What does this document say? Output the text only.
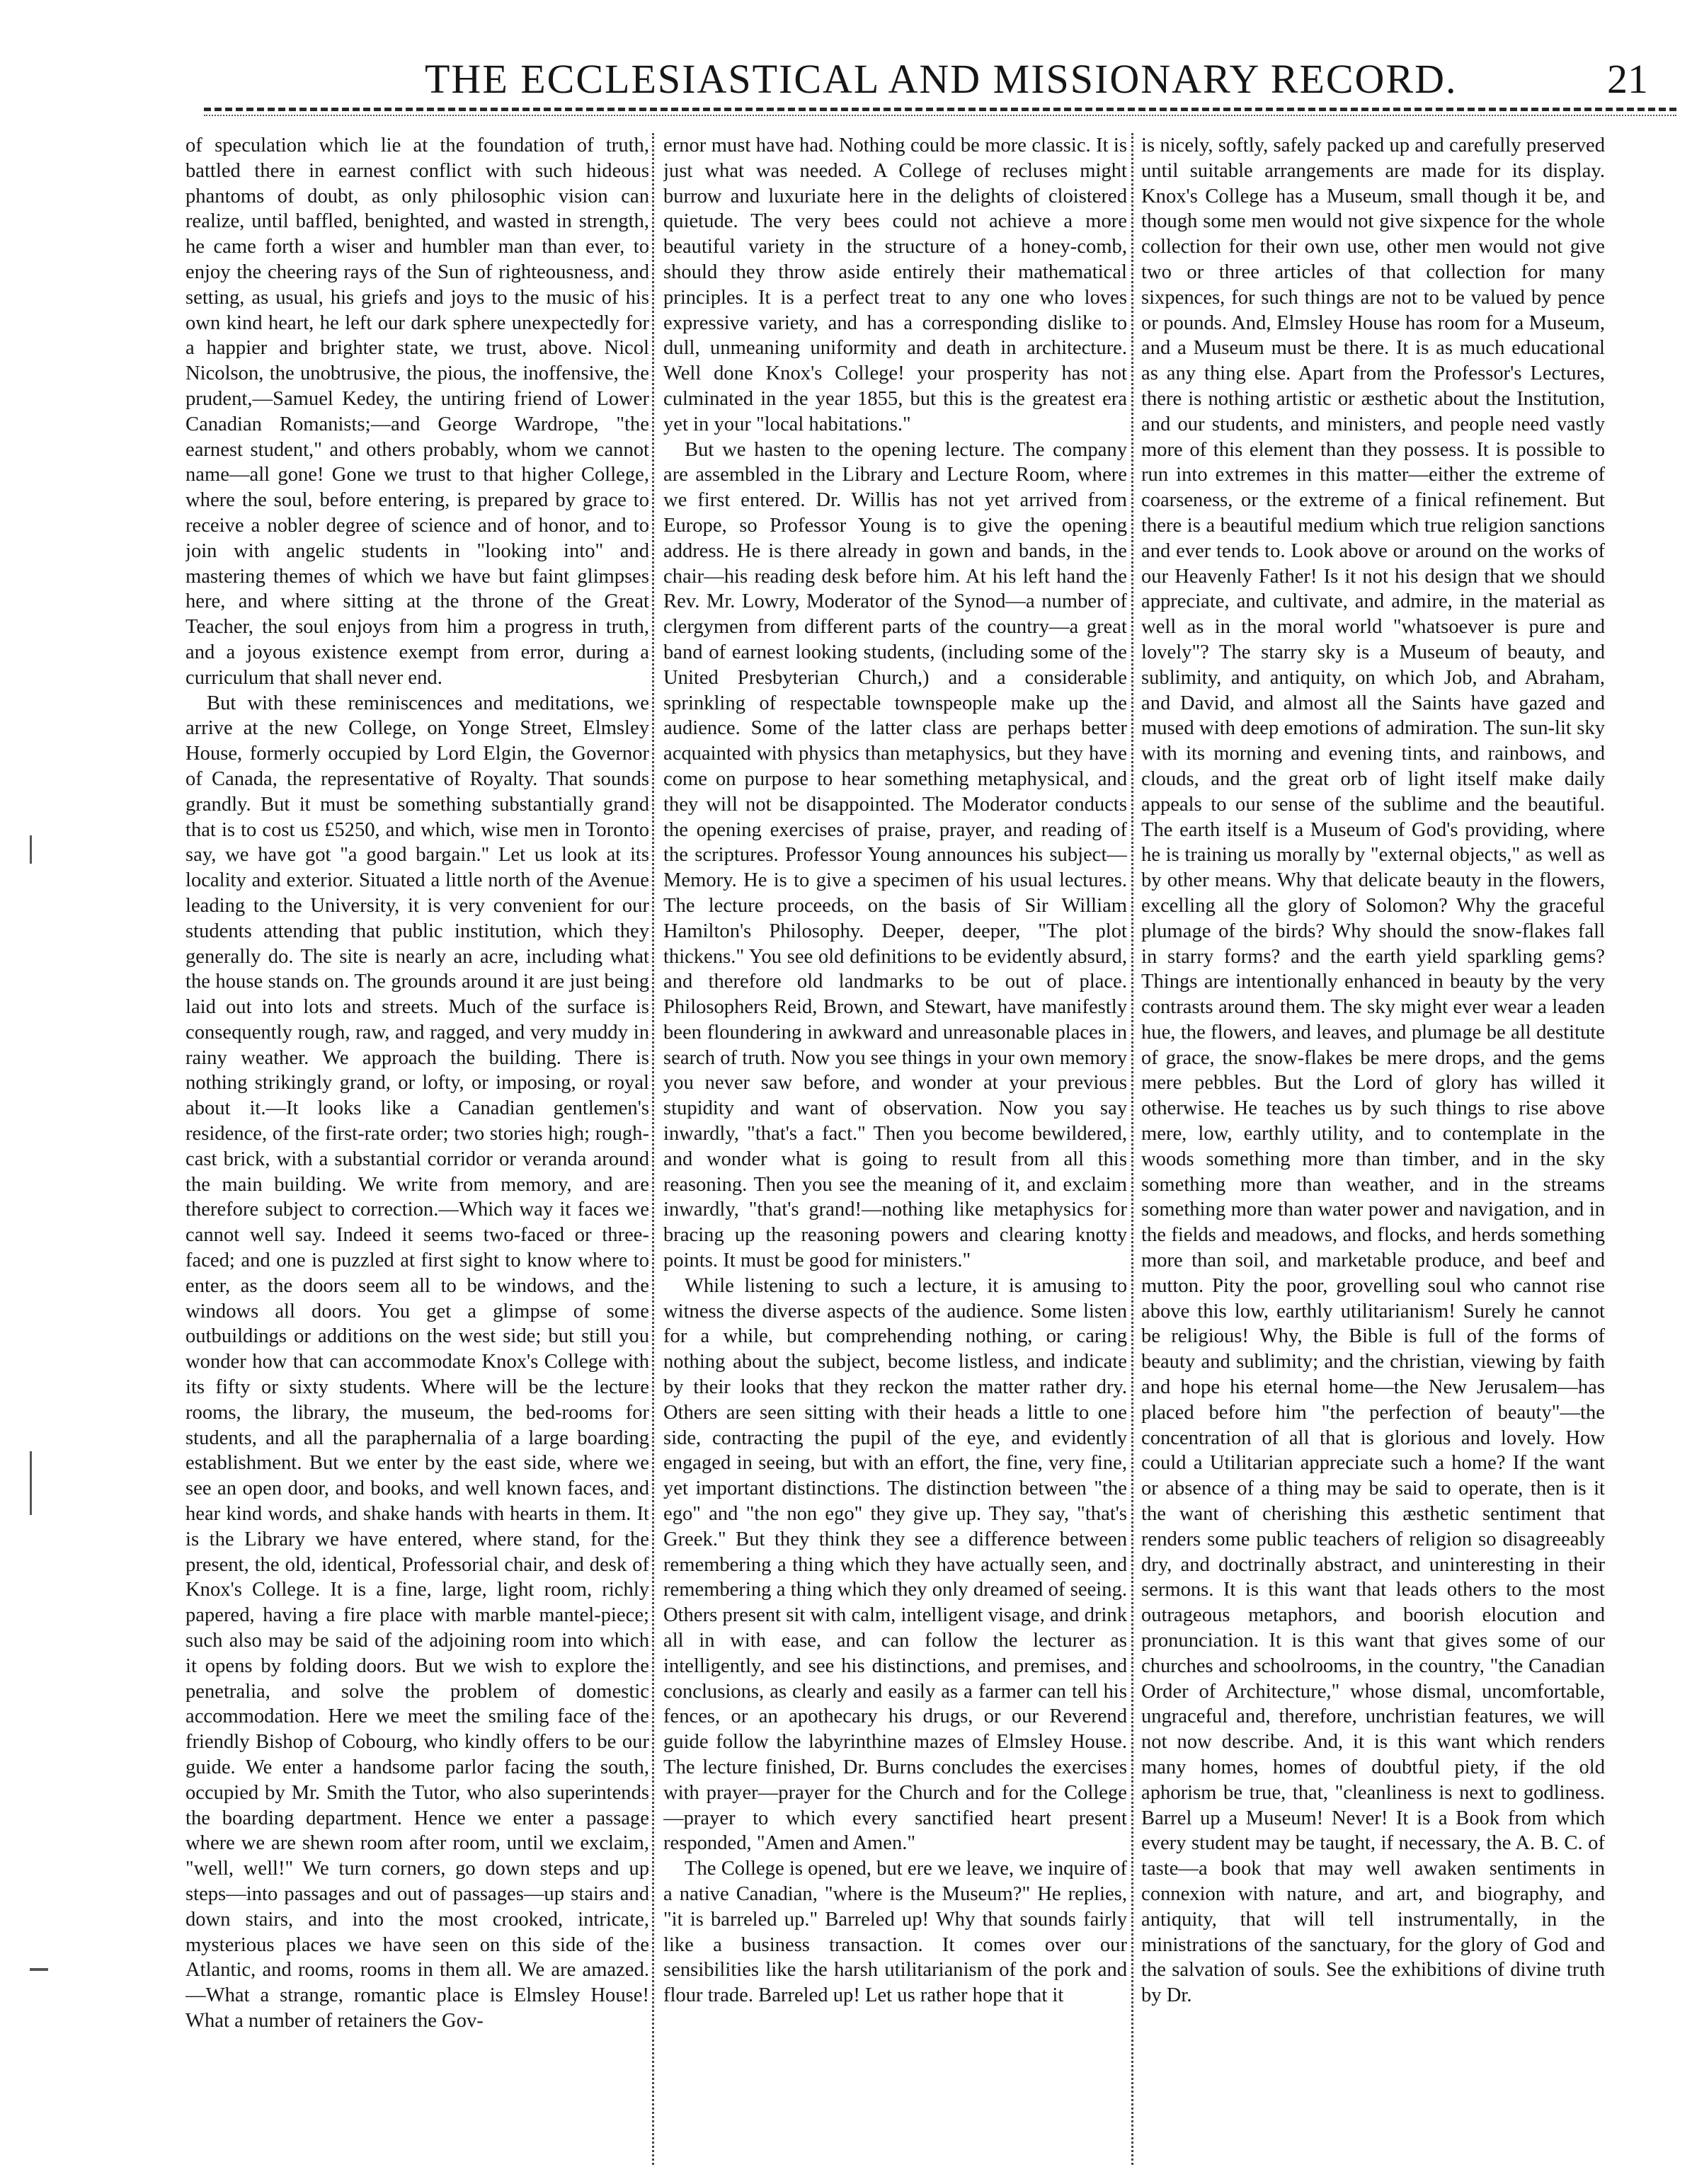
THE ECCLESIASTICAL AND MISSIONARY RECORD.	21

of speculation which lie at the foundation of truth, battled there in earnest conflict with such hideous phantoms of doubt, as only philosophic vision can realize, until baffled, benighted, and wasted in strength, he came forth a wiser and humbler man than ever, to enjoy the cheering rays of the Sun of righteousness, and setting, as usual, his griefs and joys to the music of his own kind heart, he left our dark sphere unexpectedly for a happier and brighter state, we trust, above. Nicol Nicolson, the unobtrusive, the pious, the inoffensive, the prudent,—Samuel Kedey, the untiring friend of Lower Canadian Romanists;—and George Wardrope, "the earnest student," and others probably, whom we cannot name—all gone! Gone we trust to that higher College, where the soul, before entering, is prepared by grace to receive a nobler degree of science and of honor, and to join with angelic students in "looking into" and mastering themes of which we have but faint glimpses here, and where sitting at the throne of the Great Teacher, the soul enjoys from him a progress in truth, and a joyous existence exempt from error, during a curriculum that shall never end.

But with these reminiscences and meditations, we arrive at the new College, on Yonge Street, Elmsley House, formerly occupied by Lord Elgin, the Governor of Canada, the representative of Royalty. That sounds grandly. But it must be something substantially grand that is to cost us £5250, and which, wise men in Toronto say, we have got "a good bargain." Let us look at its locality and exterior. Situated a little north of the Avenue leading to the University, it is very convenient for our students attending that public institution, which they generally do. The site is nearly an acre, including what the house stands on. The grounds around it are just being laid out into lots and streets. Much of the surface is consequently rough, raw, and ragged, and very muddy in rainy weather. We approach the building. There is nothing strikingly grand, or lofty, or imposing, or royal about it.—It looks like a Canadian gentlemen's residence, of the first-rate order; two stories high; rough-cast brick, with a substantial corridor or veranda around the main building. We write from memory, and are therefore subject to correction.—Which way it faces we cannot well say. Indeed it seems two-faced or three-faced; and one is puzzled at first sight to know where to enter, as the doors seem all to be windows, and the windows all doors. You get a glimpse of some outbuildings or additions on the west side; but still you wonder how that can accommodate Knox's College with its fifty or sixty students. Where will be the lecture rooms, the library, the museum, the bed-rooms for students, and all the paraphernalia of a large boarding establishment. But we enter by the east side, where we see an open door, and books, and well known faces, and hear kind words, and shake hands with hearts in them. It is the Library we have entered, where stand, for the present, the old, identical, Professorial chair, and desk of Knox's College. It is a fine, large, light room, richly papered, having a fire place with marble mantel-piece; such also may be said of the adjoining room into which it opens by folding doors. But we wish to explore the penetralia, and solve the problem of domestic accommodation. Here we meet the smiling face of the friendly Bishop of Cobourg, who kindly offers to be our guide. We enter a handsome parlor facing the south, occupied by Mr. Smith the Tutor, who also superintends the boarding department. Hence we enter a passage where we are shewn room after room, until we exclaim, "well, well!" We turn corners, go down steps and up steps—into passages and out of passages—up stairs and down stairs, and into the most crooked, intricate, mysterious places we have seen on this side of the Atlantic, and rooms, rooms in them all. We are amazed.—What a strange, romantic place is Elmsley House! What a number of retainers the Gov-

ernor must have had. Nothing could be more classic. It is just what was needed. A College of recluses might burrow and luxuriate here in the delights of cloistered quietude. The very bees could not achieve a more beautiful variety in the structure of a honey-comb, should they throw aside entirely their mathematical principles. It is a perfect treat to any one who loves expressive variety, and has a corresponding dislike to dull, unmeaning uniformity and death in architecture. Well done Knox's College! your prosperity has not culminated in the year 1855, but this is the greatest era yet in your "local habitations."

But we hasten to the opening lecture. The company are assembled in the Library and Lecture Room, where we first entered. Dr. Willis has not yet arrived from Europe, so Professor Young is to give the opening address. He is there already in gown and bands, in the chair—his reading desk before him. At his left hand the Rev. Mr. Lowry, Moderator of the Synod—a number of clergymen from different parts of the country—a great band of earnest looking students, (including some of the United Presbyterian Church,) and a considerable sprinkling of respectable townspeople make up the audience. Some of the latter class are perhaps better acquainted with physics than metaphysics, but they have come on purpose to hear something metaphysical, and they will not be disappointed. The Moderator conducts the opening exercises of praise, prayer, and reading of the scriptures. Professor Young announces his subject—Memory. He is to give a specimen of his usual lectures. The lecture proceeds, on the basis of Sir William Hamilton's Philosophy. Deeper, deeper, "The plot thickens." You see old definitions to be evidently absurd, and therefore old landmarks to be out of place. Philosophers Reid, Brown, and Stewart, have manifestly been floundering in awkward and unreasonable places in search of truth. Now you see things in your own memory you never saw before, and wonder at your previous stupidity and want of observation. Now you say inwardly, "that's a fact." Then you become bewildered, and wonder what is going to result from all this reasoning. Then you see the meaning of it, and exclaim inwardly, "that's grand!—nothing like metaphysics for bracing up the reasoning powers and clearing knotty points. It must be good for ministers."

While listening to such a lecture, it is amusing to witness the diverse aspects of the audience. Some listen for a while, but comprehending nothing, or caring nothing about the subject, become listless, and indicate by their looks that they reckon the matter rather dry. Others are seen sitting with their heads a little to one side, contracting the pupil of the eye, and evidently engaged in seeing, but with an effort, the fine, very fine, yet important distinctions. The distinction between "the ego" and "the non ego" they give up. They say, "that's Greek." But they think they see a difference between remembering a thing which they have actually seen, and remembering a thing which they only dreamed of seeing. Others present sit with calm, intelligent visage, and drink all in with ease, and can follow the lecturer as intelligently, and see his distinctions, and premises, and conclusions, as clearly and easily as a farmer can tell his fences, or an apothecary his drugs, or our Reverend guide follow the labyrinthine mazes of Elmsley House. The lecture finished, Dr. Burns concludes the exercises with prayer—prayer for the Church and for the College—prayer to which every sanctified heart present responded, "Amen and Amen."

The College is opened, but ere we leave, we inquire of a native Canadian, "where is the Museum?" He replies, "it is barreled up." Barreled up! Why that sounds fairly like a business transaction. It comes over our sensibilities like the harsh utilitarianism of the pork and flour trade. Barreled up! Let us rather hope that it

is nicely, softly, safely packed up and carefully preserved until suitable arrangements are made for its display. Knox's College has a Museum, small though it be, and though some men would not give sixpence for the whole collection for their own use, other men would not give two or three articles of that collection for many sixpences, for such things are not to be valued by pence or pounds. And, Elmsley House has room for a Museum, and a Museum must be there. It is as much educational as any thing else. Apart from the Professor's Lectures, there is nothing artistic or æsthetic about the Institution, and our students, and ministers, and people need vastly more of this element than they possess. It is possible to run into extremes in this matter—either the extreme of coarseness, or the extreme of a finical refinement. But there is a beautiful medium which true religion sanctions and ever tends to. Look above or around on the works of our Heavenly Father! Is it not his design that we should appreciate, and cultivate, and admire, in the material as well as in the moral world "whatsoever is pure and lovely"? The starry sky is a Museum of beauty, and sublimity, and antiquity, on which Job, and Abraham, and David, and almost all the Saints have gazed and mused with deep emotions of admiration. The sun-lit sky with its morning and evening tints, and rainbows, and clouds, and the great orb of light itself make daily appeals to our sense of the sublime and the beautiful. The earth itself is a Museum of God's providing, where he is training us morally by "external objects," as well as by other means. Why that delicate beauty in the flowers, excelling all the glory of Solomon? Why the graceful plumage of the birds? Why should the snow-flakes fall in starry forms? and the earth yield sparkling gems? Things are intentionally enhanced in beauty by the very contrasts around them. The sky might ever wear a leaden hue, the flowers, and leaves, and plumage be all destitute of grace, the snow-flakes be mere drops, and the gems mere pebbles. But the Lord of glory has willed it otherwise. He teaches us by such things to rise above mere, low, earthly utility, and to contemplate in the woods something more than timber, and in the sky something more than weather, and in the streams something more than water power and navigation, and in the fields and meadows, and flocks, and herds something more than soil, and marketable produce, and beef and mutton. Pity the poor, grovelling soul who cannot rise above this low, earthly utilitarianism! Surely he cannot be religious! Why, the Bible is full of the forms of beauty and sublimity; and the christian, viewing by faith and hope his eternal home—the New Jerusalem—has placed before him "the perfection of beauty"—the concentration of all that is glorious and lovely. How could a Utilitarian appreciate such a home? If the want or absence of a thing may be said to operate, then is it the want of cherishing this æsthetic sentiment that renders some public teachers of religion so disagreeably dry, and doctrinally abstract, and uninteresting in their sermons. It is this want that leads others to the most outrageous metaphors, and boorish elocution and pronunciation. It is this want that gives some of our churches and schoolrooms, in the country, "the Canadian Order of Architecture," whose dismal, uncomfortable, ungraceful and, therefore, unchristian features, we will not now describe. And, it is this want which renders many homes, homes of doubtful piety, if the old aphorism be true, that, "cleanliness is next to godliness. Barrel up a Museum! Never! It is a Book from which every student may be taught, if necessary, the A. B. C. of taste—a book that may well awaken sentiments in connexion with nature, and art, and biography, and antiquity, that will tell instrumentally, in the ministrations of the sanctuary, for the glory of God and the salvation of souls. See the exhibitions of divine truth by Dr.
